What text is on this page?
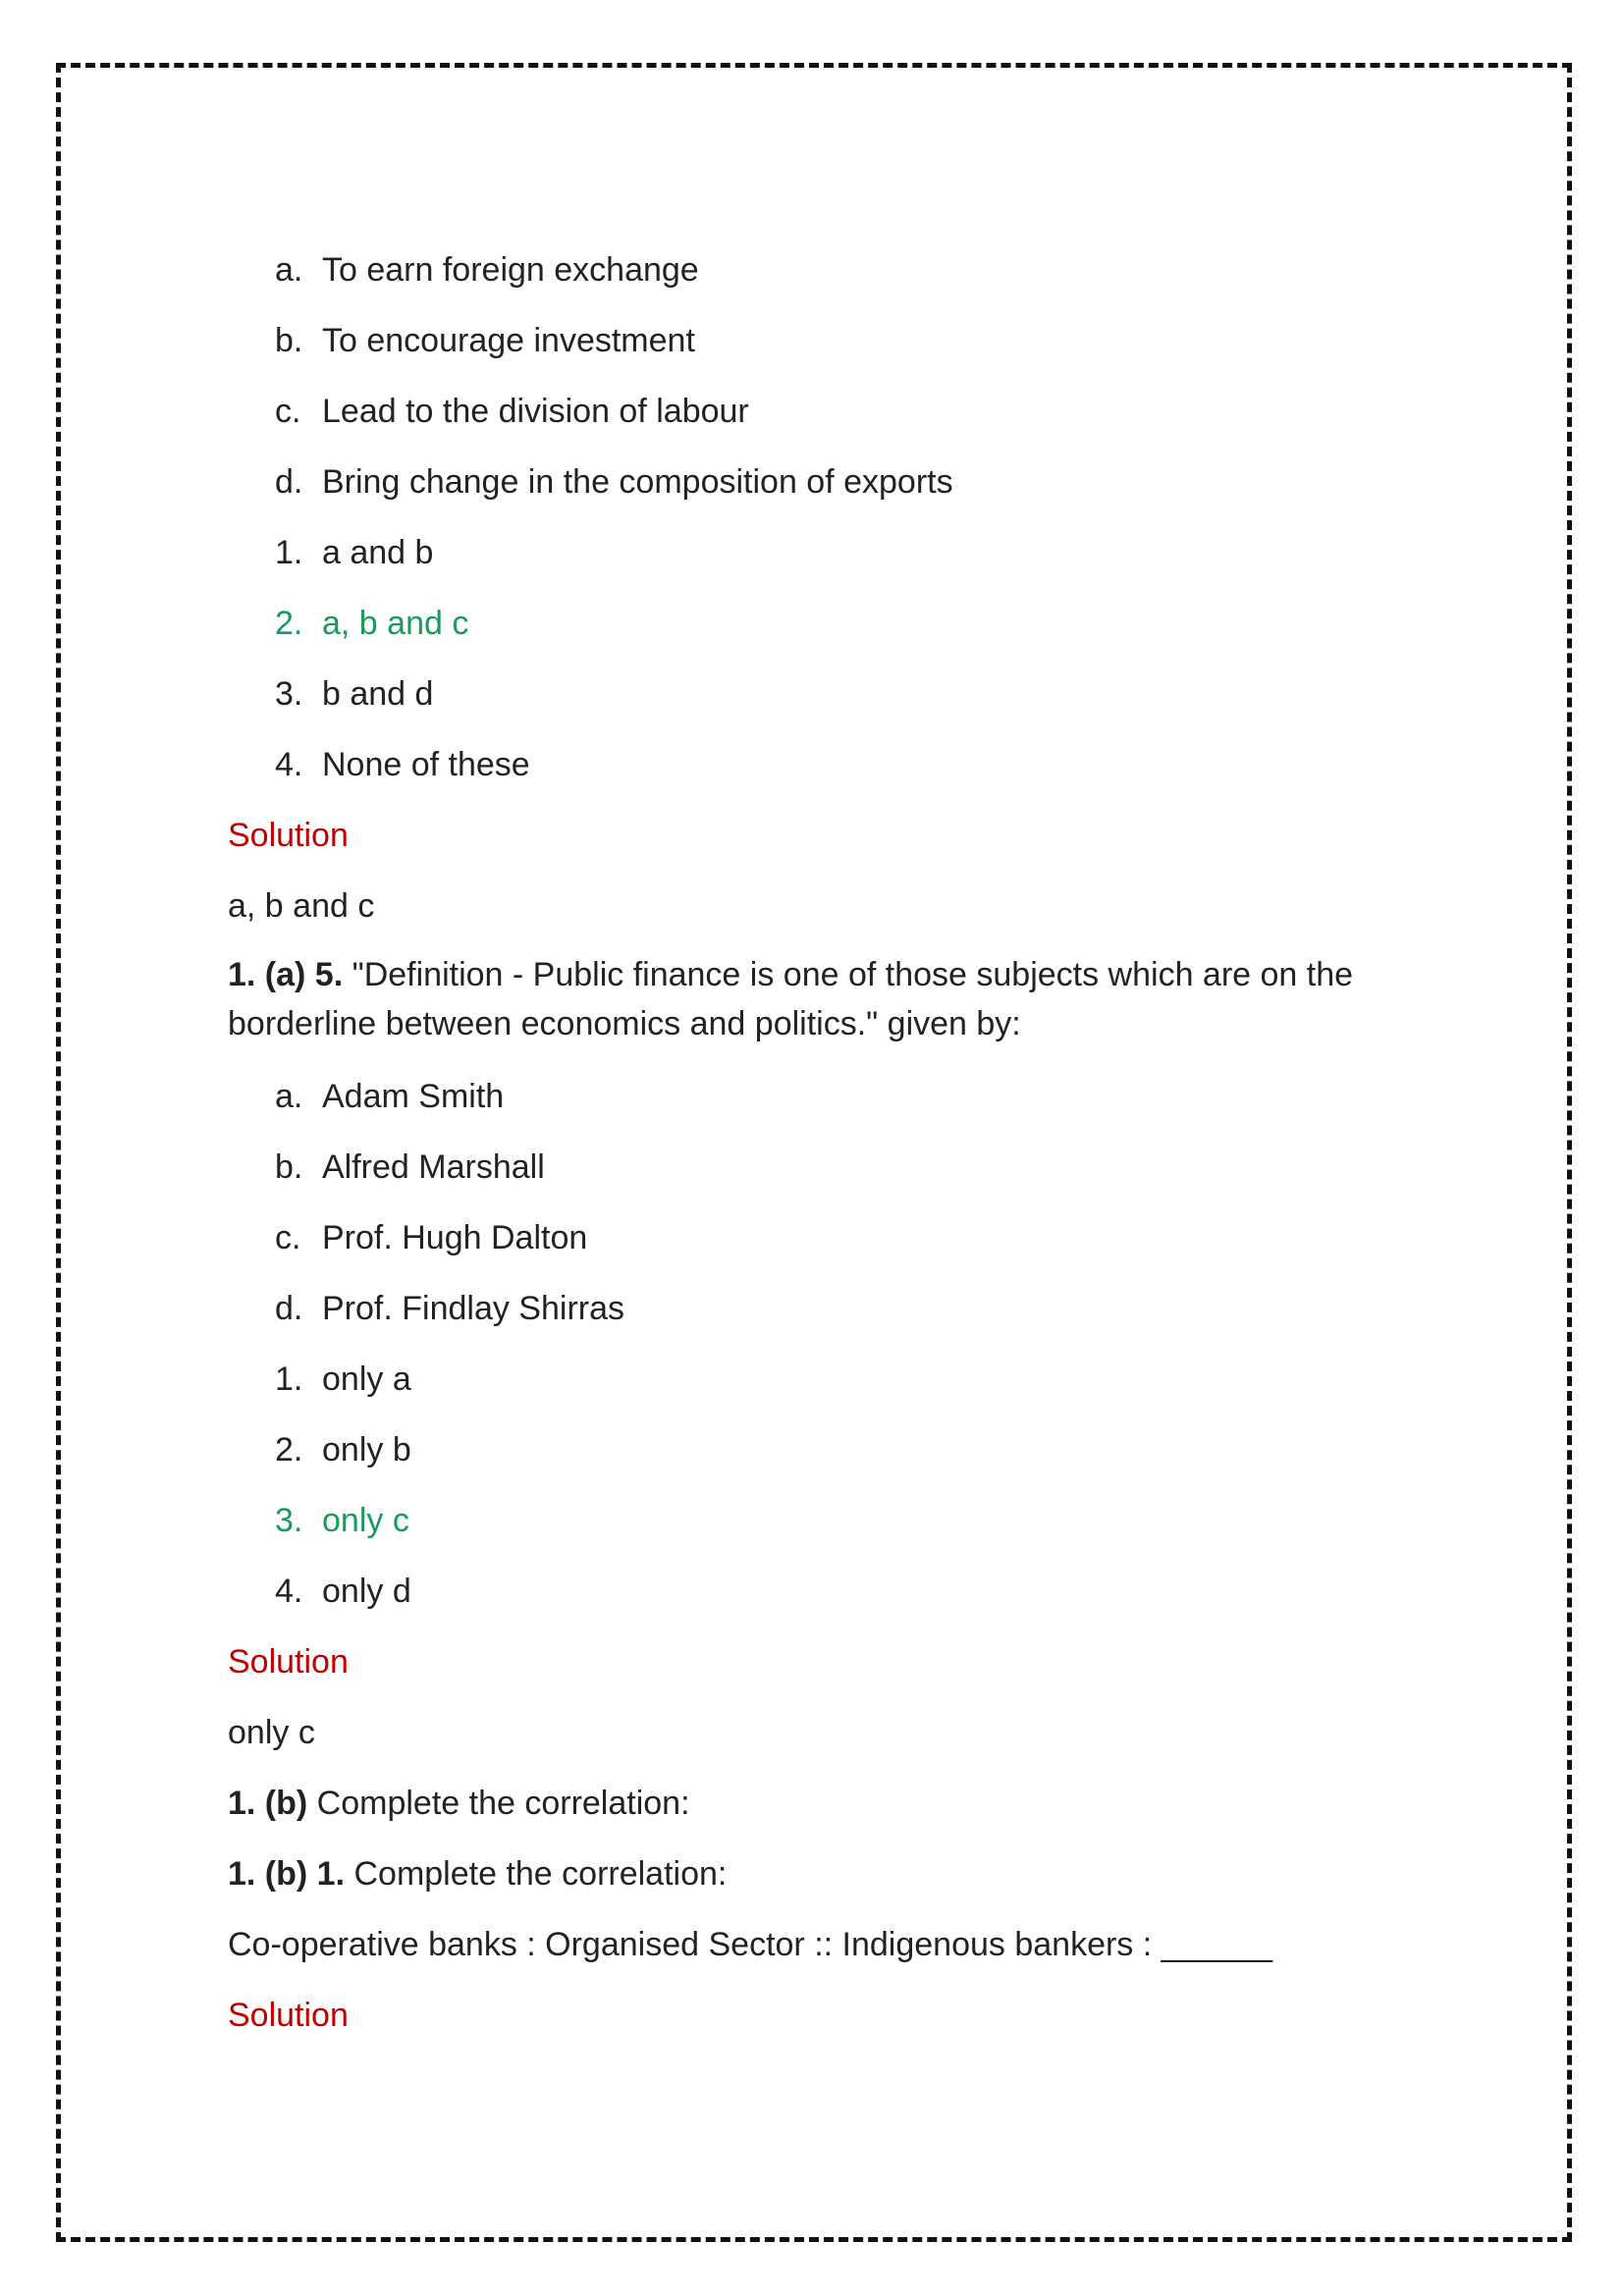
a. To earn foreign exchange
b. To encourage investment
c. Lead to the division of labour
d. Bring change in the composition of exports
1. a and b
2. a, b and c
3. b and d
4. None of these
Solution
a, b and c
1. (a) 5. "Definition - Public finance is one of those subjects which are on the borderline between economics and politics." given by:
a. Adam Smith
b. Alfred Marshall
c. Prof. Hugh Dalton
d. Prof. Findlay Shirras
1. only a
2. only b
3. only c
4. only d
Solution
only c
1. (b) Complete the correlation:
1. (b) 1. Complete the correlation:
Co-operative banks : Organised Sector :: Indigenous bankers : ______
Solution
